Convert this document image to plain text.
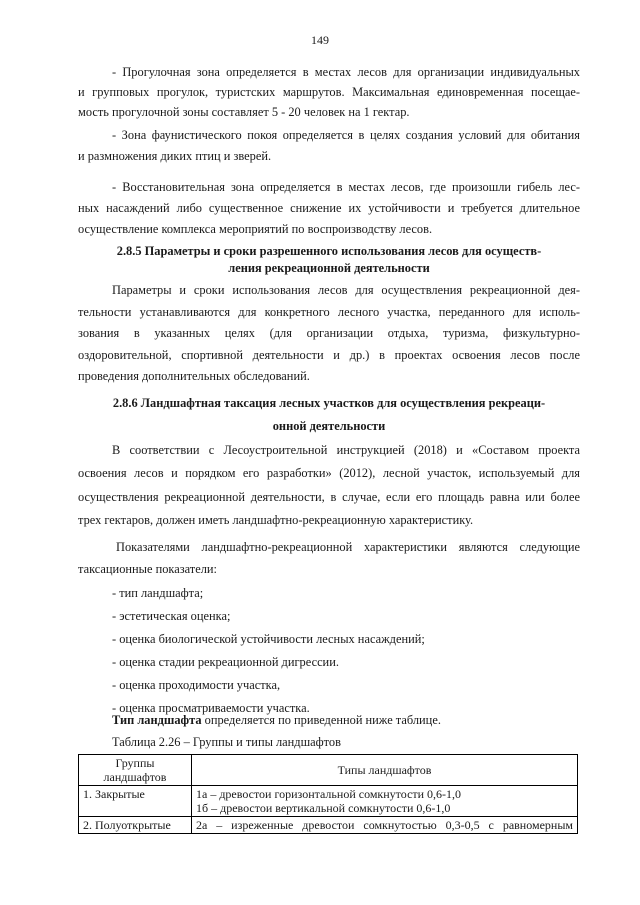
149
- Прогулочная зона определяется в местах лесов для организации индивидуальных
и групповых прогулок, туристских маршрутов. Максимальная единовременная посещае-
мость прогулочной зоны составляет 5 - 20 человек на 1 гектар.
- Зона фаунистического покоя определяется в целях создания условий для обитания
и размножения диких птиц и зверей.
- Восстановительная зона определяется в местах лесов, где произошли гибель лес-
ных насаждений либо существенное снижение их устойчивости и требуется длительное
осуществление комплекса мероприятий по воспроизводству лесов.
2.8.5 Параметры и сроки разрешенного использования лесов для осуществ-
ления рекреационной деятельности
Параметры и сроки использования лесов для осуществления рекреационной дея-
тельности устанавливаются для конкретного лесного участка, переданного для исполь-
зования в указанных целях (для организации отдыха, туризма, физкультурно-
оздоровительной, спортивной деятельности и др.) в проектах освоения лесов после
проведения дополнительных обследований.
2.8.6 Ландшафтная таксация лесных участков для осуществления рекреаци-
онной деятельности
В соответствии с Лесоустроительной инструкцией (2018) и «Составом проекта
освоения лесов и порядком его разработки» (2012), лесной участок, используемый для
осуществления рекреационной деятельности, в случае, если его площадь равна или более
трех гектаров, должен иметь ландшафтно-рекреационную характеристику.
Показателями ландшафтно-рекреационной характеристики являются следующие
таксационные показатели:
- тип ландшафта;
- эстетическая оценка;
- оценка биологической устойчивости лесных насаждений;
- оценка стадии рекреационной дигрессии.
- оценка проходимости участка,
- оценка просматриваемости участка.
Тип ландшафта определяется по приведенной ниже таблице.
Таблица 2.26 – Группы и типы ландшафтов
Группы
ландшафтов	Типы ландшафтов
1. Закрытые	1а – древостои горизонтальной сомкнутости 0,6-1,0
1б – древостои вертикальной сомкнутости 0,6-1,0

2. Полуоткрытые	2а – изреженные древостои сомкнутостью 0,3-0,5 с равномерным
